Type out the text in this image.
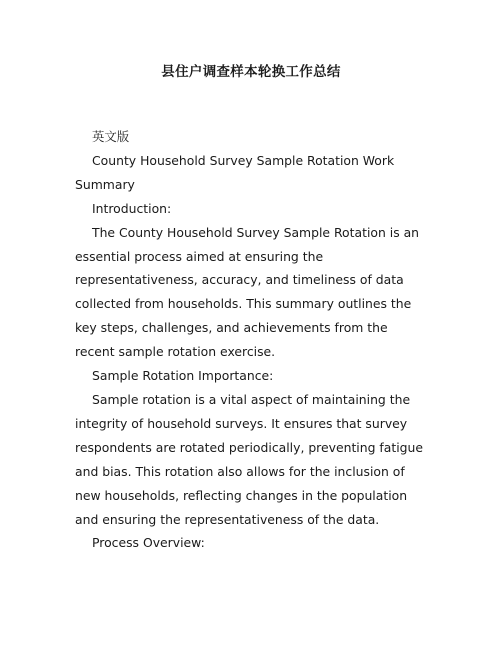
县住户调查样本轮换工作总结

英文版

County Household Survey Sample Rotation Work Summary

Introduction:

The County Household Survey Sample Rotation is an essential process aimed at ensuring the representativeness, accuracy, and timeliness of data collected from households. This summary outlines the key steps, challenges, and achievements from the recent sample rotation exercise.

Sample Rotation Importance:

Sample rotation is a vital aspect of maintaining the integrity of household surveys. It ensures that survey respondents are rotated periodically, preventing fatigue and bias. This rotation also allows for the inclusion of new households, reflecting changes in the population and ensuring the representativeness of the data.

Process Overview:
